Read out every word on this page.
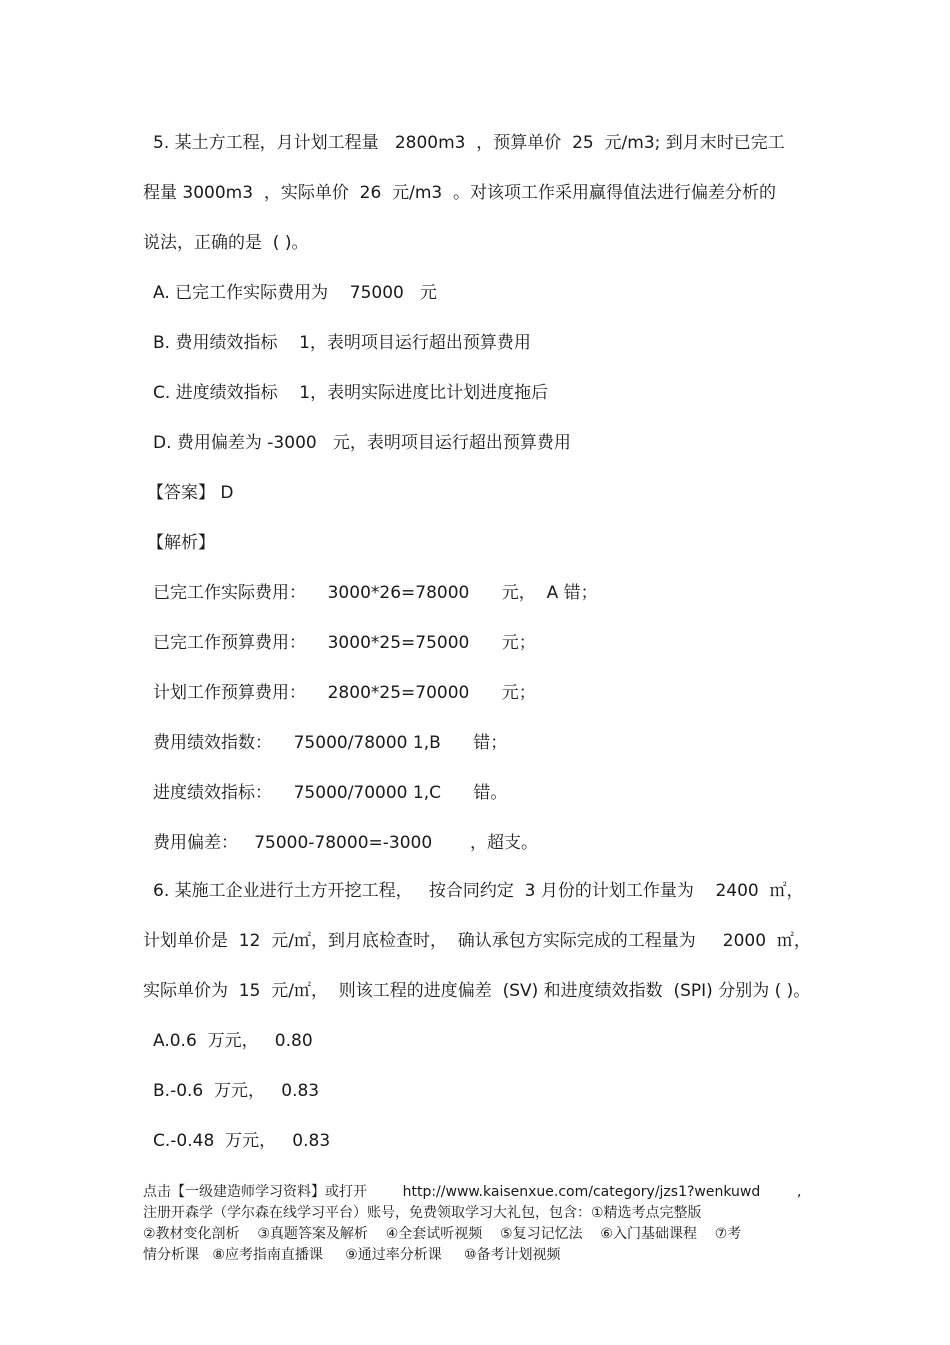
5. 某土方工程，月计划工程量   2800m3  ，预算单价  25  元/m3; 到月末时已完工
程量 3000m3  ，实际单价  26  元/m3  。对该项工作采用赢得值法进行偏差分析的
说法，正确的是  ( )。
A. 已完工作实际费用为    75000   元
B. 费用绩效指标    1，表明项目运行超出预算费用
C. 进度绩效指标    1，表明实际进度比计划进度拖后
D. 费用偏差为 -3000   元，表明项目运行超出预算费用
【答案】 D
【解析】
已完工作实际费用：    3000*26=78000      元，  A 错；
已完工作预算费用：    3000*25=75000      元；
计划工作预算费用：    2800*25=70000      元；
费用绩效指数：    75000/78000 1,B      错；
进度绩效指标：    75000/70000 1,C      错。
费用偏差：   75000-78000=-3000       ，超支。
6. 某施工企业进行土方开挖工程，   按合同约定  3 月份的计划工作量为    2400  ㎡，
计划单价是  12  元/㎡，到月底检查时，  确认承包方实际完成的工程量为     2000  ㎡，
实际单价为  15  元/㎡，  则该工程的进度偏差  (SV) 和进度绩效指数  (SPI) 分别为 ( )。
A.0.6  万元，   0.80
B.-0.6  万元，   0.83
C.-0.48  万元，   0.83
点击【一级建造师学习资料】或打开        http://www.kaisenxue.com/category/jzs1?wenkuwd	,
注册开森学（学尔森在线学习平台）账号，免费领取学习大礼包，包含：①精选考点完整版
②教材变化剖析    ③真题答案及解析    ④全套试听视频    ⑤复习记忆法    ⑥入门基础课程    ⑦考
情分析课   ⑧应考指南直播课     ⑨通过率分析课     ⑩备考计划视频
